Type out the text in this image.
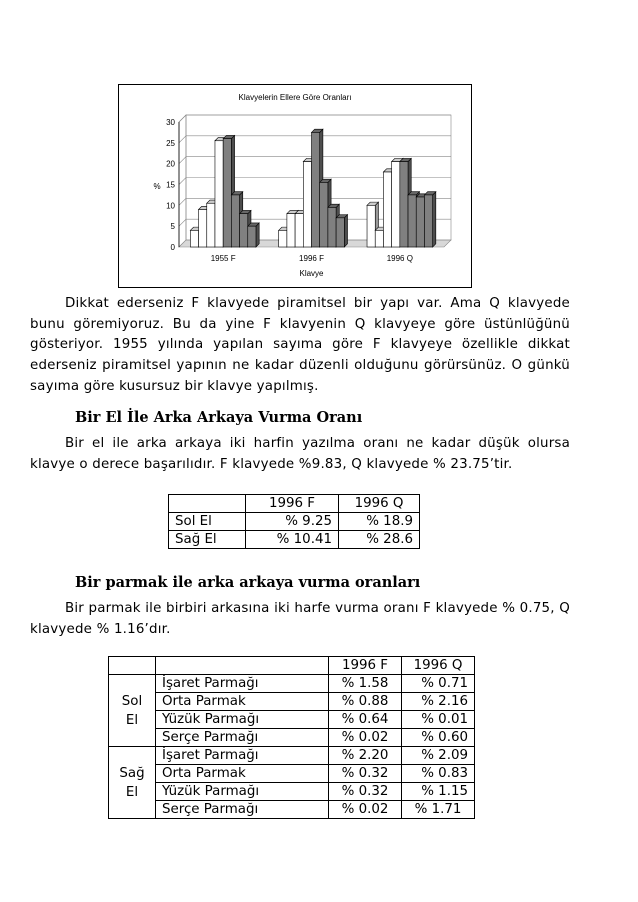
Klavyelerin Ellere Göre Oranları
0
5
10
15
20
25
30
%
1955 F	1996 F	1996 Q
Klavye

Dikkat ederseniz F klavyede piramitsel bir yapı var. Ama Q klavyede bunu göremiyoruz. Bu da yine F klavyenin Q klavyeye göre üstünlüğünü gösteriyor. 1955 yılında yapılan sayıma göre F klavyeye özellikle dikkat ederseniz piramitsel yapının ne kadar düzenli olduğunu görürsünüz. O günkü sayıma göre kusursuz bir klavye yapılmış.

Bir El İle Arka Arkaya Vurma Oranı

Bir el ile arka arkaya iki harfin yazılma oranı ne kadar düşük olursa klavye o derece başarılıdır. F klavyede %9.83, Q klavyede % 23.75’tir.

	1996 F	1996 Q
Sol El	% 9.25	% 18.9
Sağ El	% 10.41	% 28.6
Bir parmak ile arka arkaya vurma oranları

Bir parmak ile birbiri arkasına iki harfe vurma oranı F klavyede % 0.75, Q klavyede % 1.16’dır.

		1996 F	1996 Q
Sol El	İşaret Parmağı	% 1.58	% 0.71
	Orta Parmak	% 0.88	% 2.16
	Yüzük Parmağı	% 0.64	% 0.01
	Serçe Parmağı	% 0.02	% 0.60
Sağ El	İşaret Parmağı	% 2.20	% 2.09
	Orta Parmak	% 0.32	% 0.83
	Yüzük Parmağı	% 0.32	% 1.15
	Serçe Parmağı	% 0.02	% 1.71
